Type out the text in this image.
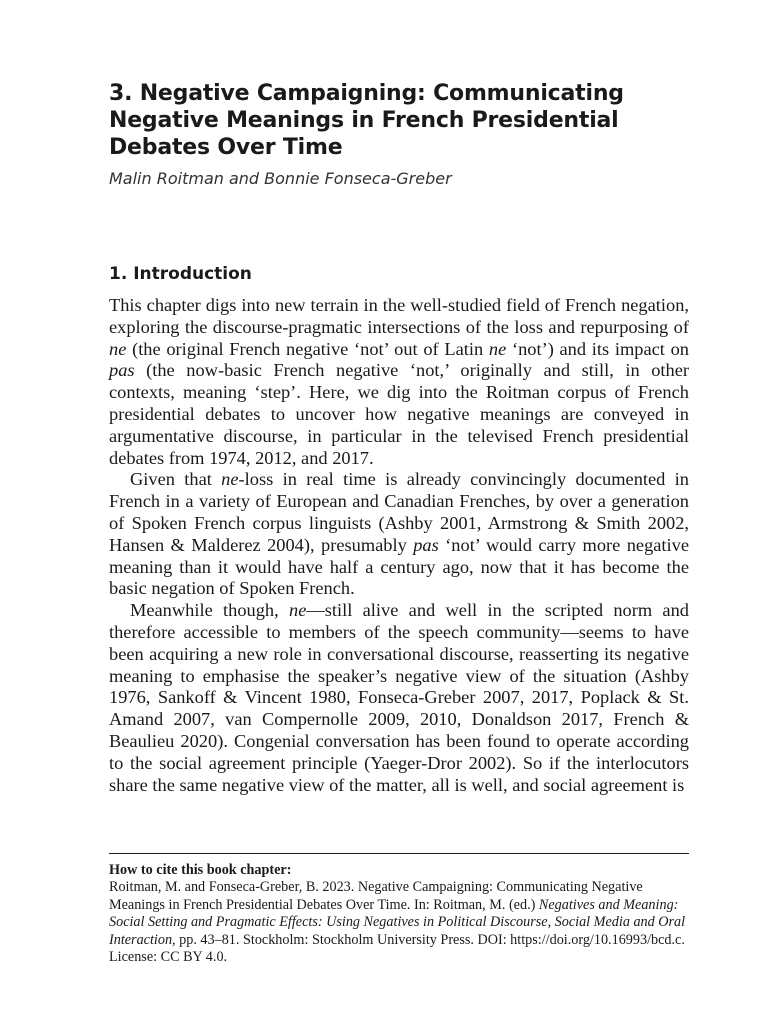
3. Negative Campaigning: Communicating Negative Meanings in French Presidential Debates Over Time
Malin Roitman and Bonnie Fonseca-Greber
1. Introduction

This chapter digs into new terrain in the well-studied field of French negation, exploring the discourse-pragmatic intersections of the loss and repurposing of ne (the original French negative ‘not’ out of Latin ne ‘not’) and its impact on pas (the now-basic French negative ‘not,’ originally and still, in other contexts, meaning ‘step’. Here, we dig into the Roitman corpus of French presidential debates to uncover how negative meanings are conveyed in argumentative discourse, in particular in the televised French presidential debates from 1974, 2012, and 2017.

Given that ne-loss in real time is already convincingly documented in French in a variety of European and Canadian Frenches, by over a generation of Spoken French corpus linguists (Ashby 2001, Armstrong & Smith 2002, Hansen & Malderez 2004), presumably pas ‘not’ would carry more negative meaning than it would have half a century ago, now that it has become the basic negation of Spoken French.

Meanwhile though, ne—still alive and well in the scripted norm and therefore accessible to members of the speech community—seems to have been acquiring a new role in conversational discourse, reasserting its negative meaning to emphasise the speaker’s negative view of the situation (Ashby 1976, Sankoff & Vincent 1980, Fonseca-Greber 2007, 2017, Poplack & St. Amand 2007, van Compernolle 2009, 2010, Donaldson 2017, French & Beaulieu 2020). Congenial conversation has been found to operate according to the social agreement principle (Yaeger-Dror 2002). So if the interlocutors share the same negative view of the matter, all is well, and social agreement is

How to cite this book chapter:
Roitman, M. and Fonseca-Greber, B. 2023. Negative Campaigning: Communicating Negative Meanings in French Presidential Debates Over Time. In: Roitman, M. (ed.) Negatives and Meaning: Social Setting and Pragmatic Effects: Using Negatives in Political Discourse, Social Media and Oral Interaction, pp. 43–81. Stockholm: Stockholm University Press. DOI: https://doi.org/10.16993/bcd.c. License: CC BY 4.0.
